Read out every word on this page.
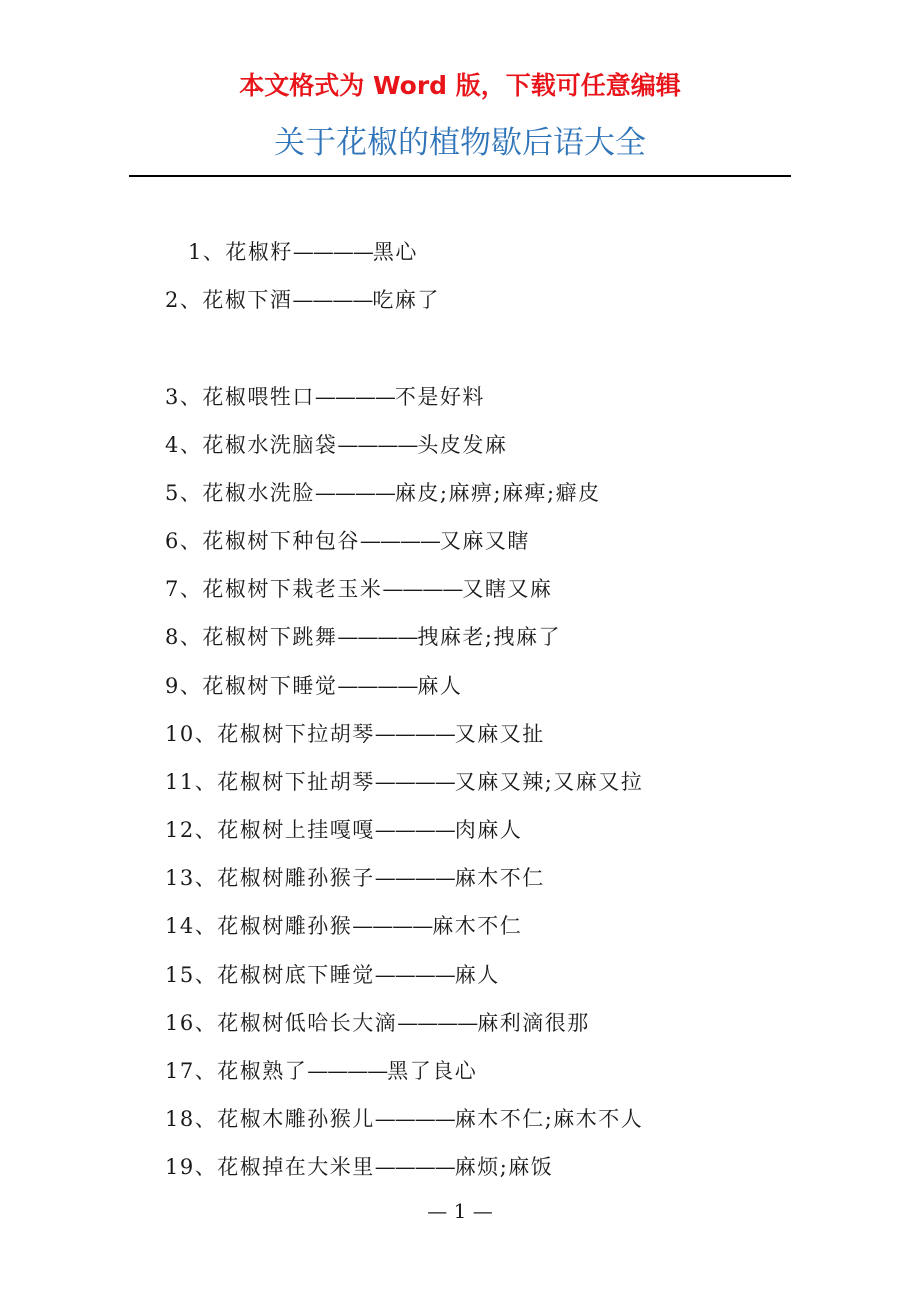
本文格式为 Word 版，下载可任意编辑
关于花椒的植物歇后语大全
1、花椒籽————黑心
2、花椒下酒————吃麻了
3、花椒喂牲口————不是好料
4、花椒水洗脑袋————头皮发麻
5、花椒水洗脸————麻皮;麻痹;麻痺;癖皮
6、花椒树下种包谷————又麻又瞎
7、花椒树下栽老玉米————又瞎又麻
8、花椒树下跳舞————拽麻老;拽麻了
9、花椒树下睡觉————麻人
10、花椒树下拉胡琴————又麻又扯
11、花椒树下扯胡琴————又麻又辣;又麻又拉
12、花椒树上挂嘎嘎————肉麻人
13、花椒树雕孙猴子————麻木不仁
14、花椒树雕孙猴————麻木不仁
15、花椒树底下睡觉————麻人
16、花椒树低哈长大滴————麻利滴很那
17、花椒熟了————黑了良心
18、花椒木雕孙猴儿————麻木不仁;麻木不人
19、花椒掉在大米里————麻烦;麻饭
— 1 —
